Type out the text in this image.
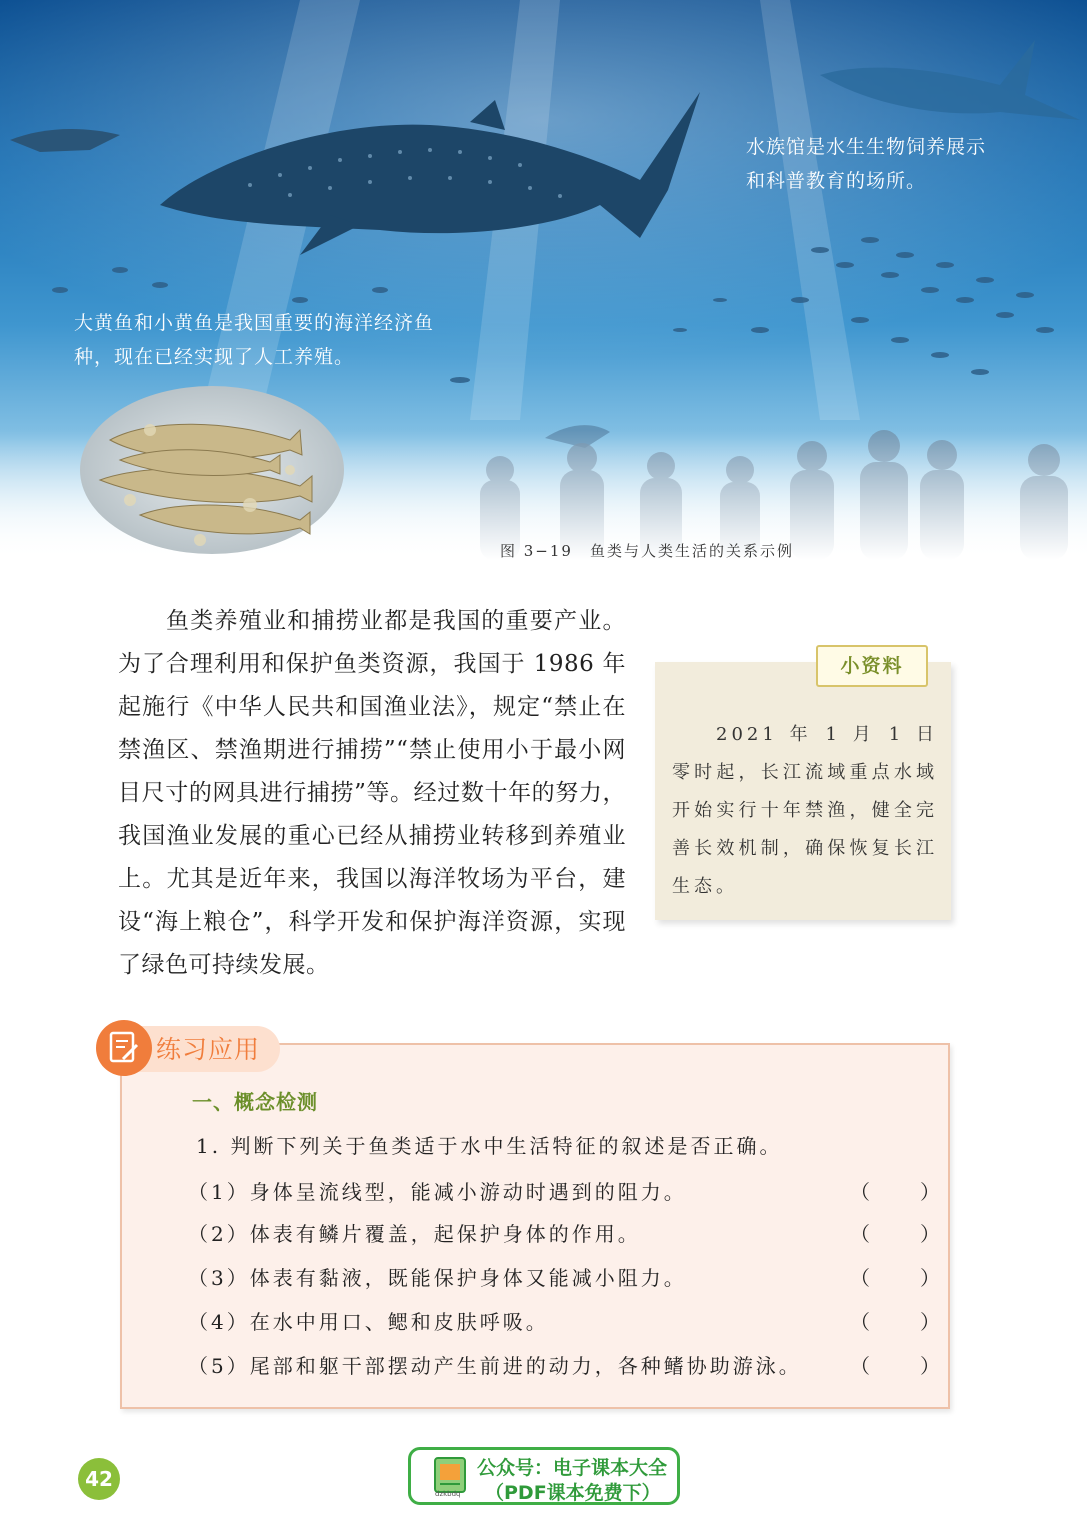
水族馆是水生生物饲养展示和科普教育的场所。
大黄鱼和小黄鱼是我国重要的海洋经济鱼种，现在已经实现了人工养殖。
图 3−19　鱼类与人类生活的关系示例

鱼类养殖业和捕捞业都是我国的重要产业。为了合理利用和保护鱼类资源，我国于 1986 年起施行《中华人民共和国渔业法》，规定“禁止在禁渔区、禁渔期进行捕捞”“禁止使用小于最小网目尺寸的网具进行捕捞”等。经过数十年的努力，我国渔业发展的重心已经从捕捞业转移到养殖业上。尤其是近年来，我国以海洋牧场为平台，建设“海上粮仓”，科学开发和保护海洋资源，实现了绿色可持续发展。

小资料

2021 年 1 月 1 日零时起，长江流域重点水域开始实行十年禁渔，健全完善长效机制，确保恢复长江生态。

练习应用
一、概念检测
1. 判断下列关于鱼类适于水中生活特征的叙述是否正确。
（1）身体呈流线型，能减小游动时遇到的阻力。	（ ）
（2）体表有鳞片覆盖，起保护身体的作用。	（ ）
（3）体表有黏液，既能保护身体又能减小阻力。	（ ）
（4）在水中用口、鳃和皮肤呼吸。	（ ）
（5）尾部和躯干部摆动产生前进的动力，各种鳍协助游泳。 （ ）
42
dzkbdq
公众号：电子课本大全
（PDF课本免费下）
